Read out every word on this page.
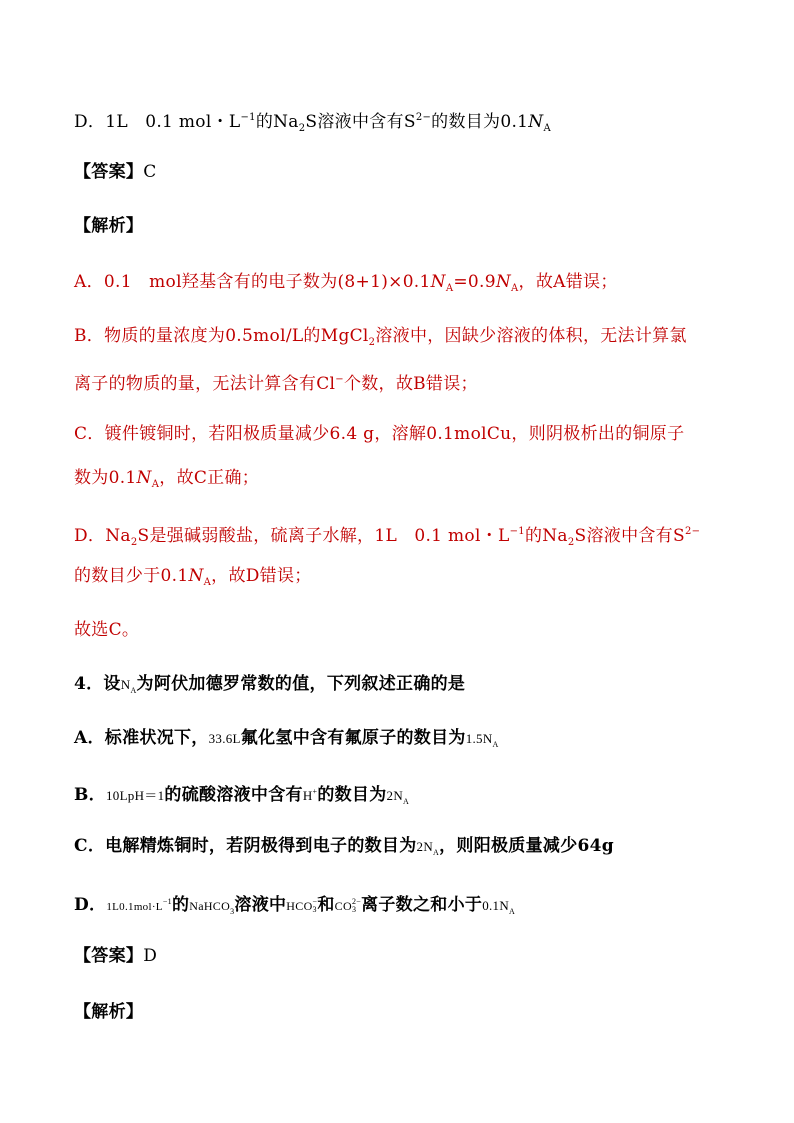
D．1L　0.1 mol・$L^{-1}$的$Na_2S$溶液中含有$S^{2-}$的数目为$0.1N_A$
【答案】C
【解析】
A．0.1　mol羟基含有的电子数为$(8+1)\times 0.1N_A=0.9N_A$，故A错误；
B．物质的量浓度为0.5mol/L的MgCl$_2$溶液中，因缺少溶液的体积，无法计算氯
离子的物质的量，无法计算含有Cl−个数，故B错误；
C．镀件镀铜时，若阳极质量减少6.4 g，溶解0.1molCu，则阴极析出的铜原子
数为$0.1N_A$，故C正确；
D．$Na_2S$是强碱弱酸盐，硫离子水解，1L　0.1 mol・$L^{-1}$的$Na_2S$溶液中含有$S^{2-}$
的数目少于$0.1N_A$，故D错误；
故选C。
4．设$N_A$为阿伏加德罗常数的值，下列叙述正确的是
A．标准状况下，33.6L氟化氢中含有氟原子的数目为$1.5N_A$
B．10LpH＝1的硫酸溶液中含有H+的数目为$2N_A$
C．电解精炼铜时，若阴极得到电子的数目为$2N_A$，则阳极质量减少64g
D．$1L0.1mol\cdot L^{-1}$的NaHCO$_3$溶液中HCO −
3 和CO 2−
3 离子数之和小于$0.1N_A$
【答案】D
【解析】
